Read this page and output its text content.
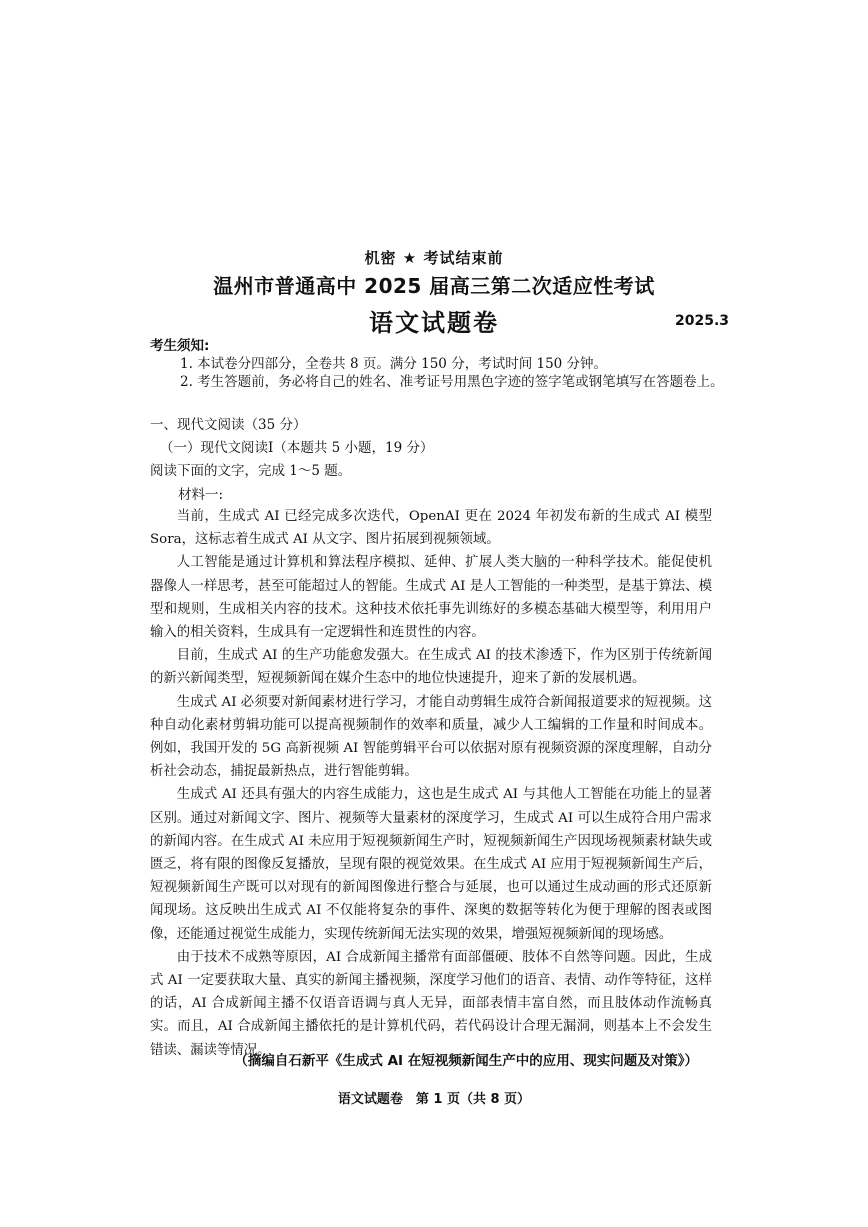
机密 ★ 考试结束前
温州市普通高中 2025 届高三第二次适应性考试
语文试题卷	2025.3
考生须知:
1. 本试卷分四部分，全卷共 8 页。满分 150 分，考试时间 150 分钟。
2. 考生答题前，务必将自己的姓名、准考证号用黑色字迹的签字笔或钢笔填写在答题卷上。
一、现代文阅读（35 分）
（一）现代文阅读Ⅰ（本题共 5 小题，19 分）
阅读下面的文字，完成 1～5 题。
材料一:

当前，生成式 AI 已经完成多次迭代，OpenAI 更在 2024 年初发布新的生成式 AI 模型 Sora，这标志着生成式 AI 从文字、图片拓展到视频领域。

人工智能是通过计算机和算法程序模拟、延伸、扩展人类大脑的一种科学技术。能促使机器像人一样思考，甚至可能超过人的智能。生成式 AI 是人工智能的一种类型，是基于算法、模型和规则，生成相关内容的技术。这种技术依托事先训练好的多模态基础大模型等，利用用户输入的相关资料，生成具有一定逻辑性和连贯性的内容。

目前，生成式 AI 的生产功能愈发强大。在生成式 AI 的技术渗透下，作为区别于传统新闻的新兴新闻类型，短视频新闻在媒介生态中的地位快速提升，迎来了新的发展机遇。

生成式 AI 必须要对新闻素材进行学习，才能自动剪辑生成符合新闻报道要求的短视频。这种自动化素材剪辑功能可以提高视频制作的效率和质量，减少人工编辑的工作量和时间成本。例如，我国开发的 5G 高新视频 AI 智能剪辑平台可以依据对原有视频资源的深度理解，自动分析社会动态，捕捉最新热点，进行智能剪辑。

生成式 AI 还具有强大的内容生成能力，这也是生成式 AI 与其他人工智能在功能上的显著区别。通过对新闻文字、图片、视频等大量素材的深度学习，生成式 AI 可以生成符合用户需求的新闻内容。在生成式 AI 未应用于短视频新闻生产时，短视频新闻生产因现场视频素材缺失或匮乏，将有限的图像反复播放，呈现有限的视觉效果。在生成式 AI 应用于短视频新闻生产后，短视频新闻生产既可以对现有的新闻图像进行整合与延展，也可以通过生成动画的形式还原新闻现场。这反映出生成式 AI 不仅能将复杂的事件、深奥的数据等转化为便于理解的图表或图像，还能通过视觉生成能力，实现传统新闻无法实现的效果，增强短视频新闻的现场感。

由于技术不成熟等原因，AI 合成新闻主播常有面部僵硬、肢体不自然等问题。因此，生成式 AI 一定要获取大量、真实的新闻主播视频，深度学习他们的语音、表情、动作等特征，这样的话，AI 合成新闻主播不仅语音语调与真人无异，面部表情丰富自然，而且肢体动作流畅真实。而且，AI 合成新闻主播依托的是计算机代码，若代码设计合理无漏洞，则基本上不会发生错读、漏读等情况。

（摘编自石新平《生成式 AI 在短视频新闻生产中的应用、现实问题及对策》）
语文试题卷　第 1 页（共 8 页）
